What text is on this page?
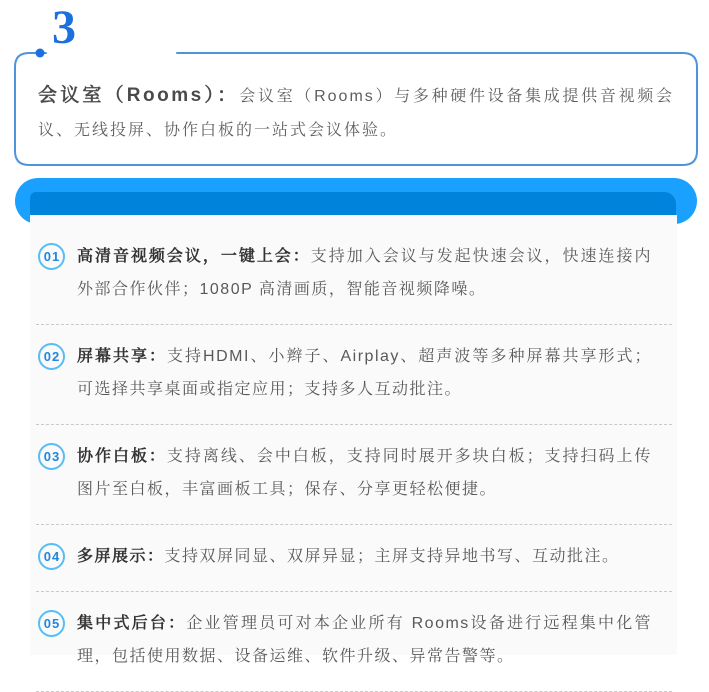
3
会议室（Rooms）：会议室（Rooms）与多种硬件设备集成提供音视频会议、无线投屏、协作白板的一站式会议体验。
01 高清音视频会议，一键上会：支持加入会议与发起快速会议，快速连接内外部合作伙伴；1080P 高清画质，智能音视频降噪。
02 屏幕共享：支持HDMI、小辫子、Airplay、超声波等多种屏幕共享形式；可选择共享桌面或指定应用；支持多人互动批注。
03 协作白板：支持离线、会中白板，支持同时展开多块白板；支持扫码上传图片至白板，丰富画板工具；保存、分享更轻松便捷。
04 多屏展示：支持双屏同显、双屏异显；主屏支持异地书写、互动批注。
05 集中式后台：企业管理员可对本企业所有 Rooms设备进行远程集中化管理，包括使用数据、设备运维、软件升级、异常告警等。
